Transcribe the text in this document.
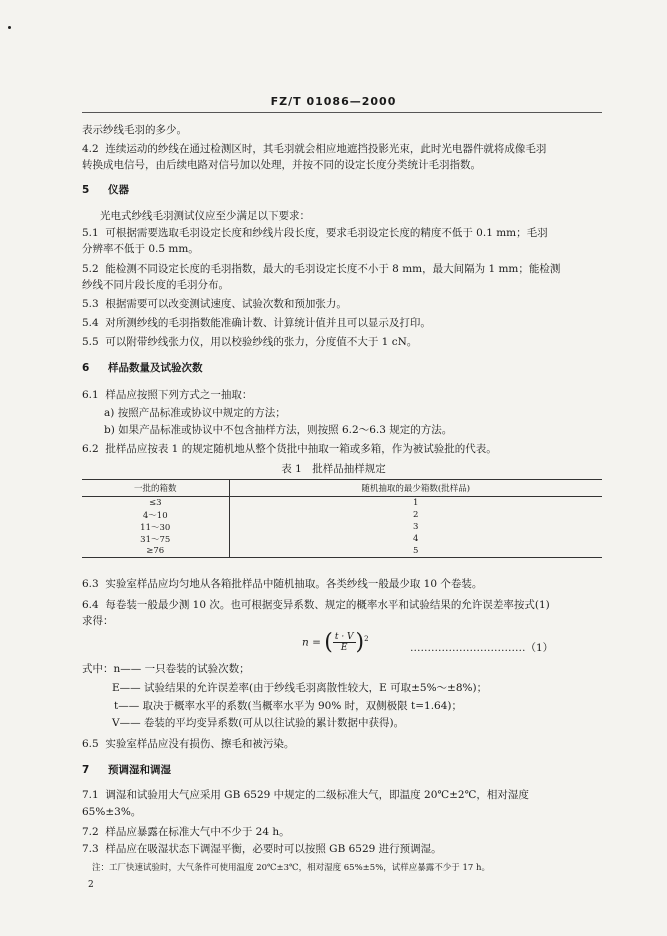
FZ/T 01086—2000
表示纱线毛羽的多少。
4.2 连续运动的纱线在通过检测区时，其毛羽就会相应地遮挡投影光束，此时光电器件就将成像毛羽
转换成电信号，由后续电路对信号加以处理，并按不同的设定长度分类统计毛羽指数。
5 仪器
光电式纱线毛羽测试仪应至少满足以下要求：
5.1 可根据需要选取毛羽设定长度和纱线片段长度，要求毛羽设定长度的精度不低于 0.1 mm；毛羽
分辨率不低于 0.5 mm。
5.2 能检测不同设定长度的毛羽指数，最大的毛羽设定长度不小于 8 mm，最大间隔为 1 mm；能检测
纱线不同片段长度的毛羽分布。
5.3 根据需要可以改变测试速度、试验次数和预加张力。
5.4 对所测纱线的毛羽指数能准确计数、计算统计值并且可以显示及打印。
5.5 可以附带纱线张力仪，用以校验纱线的张力，分度值不大于 1 cN。
6 样品数量及试验次数
6.1 样品应按照下列方式之一抽取：
a) 按照产品标准或协议中规定的方法；
b) 如果产品标准或协议中不包含抽样方法，则按照 6.2～6.3 规定的方法。
6.2 批样品应按表 1 的规定随机地从整个货批中抽取一箱或多箱，作为被试验批的代表。
表 1　批样品抽样规定
一批的箱数	随机抽取的最少箱数(批样品)
≤3	1
4～10	2
11～30	3
31～75	4
≥76	5
6.3 实验室样品应均匀地从各箱批样品中随机抽取。各类纱线一般最少取 10 个卷装。
6.4 每卷装一般最少测 10 次。也可根据变异系数、规定的概率水平和试验结果的允许误差率按式(1)
求得：
n = ( $\frac{t \cdot V}{E} )^2$
……………………………（1）
式中：n—— 一只卷装的试验次数；
E—— 试验结果的允许误差率(由于纱线毛羽离散性较大，E 可取±5%～±8%)；
t—— 取决于概率水平的系数(当概率水平为 90% 时，双侧极限 t=1.64)；
V—— 卷装的平均变异系数(可从以往试验的累计数据中获得)。
6.5 实验室样品应没有损伤、擦毛和被污染。
7 预调湿和调湿
7.1 调湿和试验用大气应采用 GB 6529 中规定的二级标准大气，即温度 20℃±2℃，相对湿度
65%±3%。
7.2 样品应暴露在标准大气中不少于 24 h。
7.3 样品应在吸湿状态下调湿平衡，必要时可以按照 GB 6529 进行预调湿。
注：工厂快速试验时，大气条件可使用温度 20℃±3℃，相对湿度 65%±5%，试样应暴露不少于 17 h。
2
